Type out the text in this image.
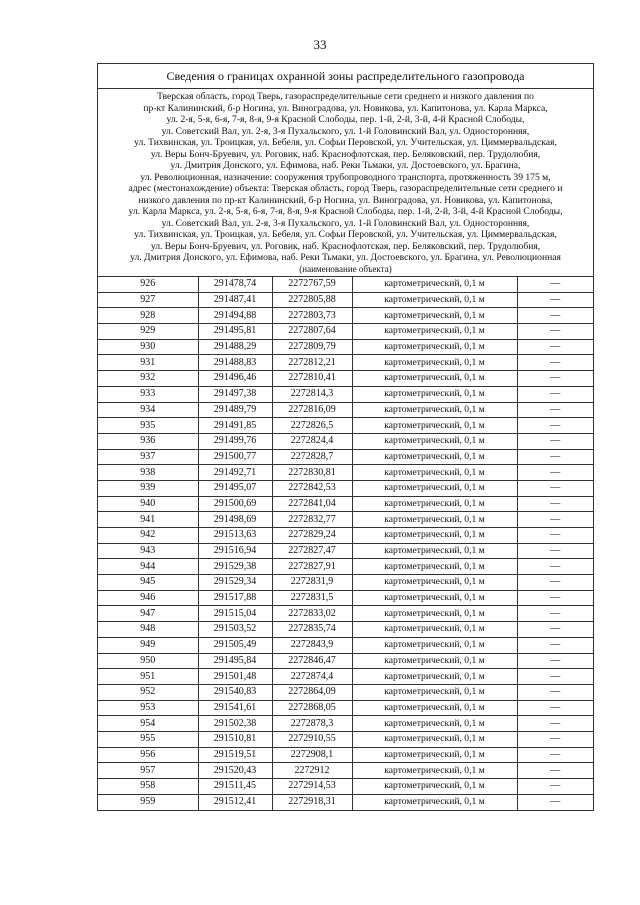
33
Сведения о границах охранной зоны распределительного газопровода
Тверская область, город Тверь, газораспределительные сети среднего и низкого давления по
пр-кт Калининский, б-р Ногина, ул. Виноградова, ул. Новикова, ул. Капитонова, ул. Карла Маркса,
ул. 2-я, 5-я, 6-я, 7-я, 8-я, 9-я Красной Слободы, пер. 1-й, 2-й, 3-й, 4-й Красной Слободы,
ул. Советский Вал, ул. 2-я, 3-я Пухальского, ул. 1-й Головинский Вал, ул. Односторонняя,
ул. Тихвинская, ул. Троицкая, ул. Бебеля, ул. Софьи Перовской, ул. Учительская, ул. Циммервальдская,
ул. Веры Бонч-Бруевич, ул. Роговик, наб. Краснофлотская, пер. Беляковский, пер. Трудолюбия,
ул. Дмитрия Донского, ул. Ефимова, наб. Реки Тьмаки, ул. Достоевского, ул. Брагина,
ул. Революционная, назначение: сооружения трубопроводного транспорта, протяженность 39 175 м,
адрес (местонахождение) объекта: Тверская область, город Тверь, газораспределительные сети среднего и
низкого давления по пр-кт Калининский, б-р Ногина, ул. Виноградова, ул. Новикова, ул. Капитонова,
ул. Карла Маркса, ул. 2-я, 5-я, 6-я, 7-я, 8-я, 9-я Красной Слободы, пер. 1-й, 2-й, 3-й, 4-й Красной Слободы,
ул. Советский Вал, ул. 2-я, 3-я Пухальского, ул. 1-й Головинский Вал, ул. Односторонняя,
ул. Тихвинская, ул. Троицкая, ул. Бебеля, ул. Софьи Перовской, ул. Учительская, ул. Циммервальдская,
ул. Веры Бонч-Бруевич, ул. Роговик, наб. Краснофлотская, пер. Беляковский, пер. Трудолюбия,
ул. Дмитрия Донского, ул. Ефимова, наб. Реки Тьмаки, ул. Достоевского, ул. Брагина, ул. Революционная
(наименование объекта)
926	291478,74	2272767,59	картометрический, 0,1 м	—
927	291487,41	2272805,88	картометрический, 0,1 м	—
928	291494,88	2272803,73	картометрический, 0,1 м	—
929	291495,81	2272807,64	картометрический, 0,1 м	—
930	291488,29	2272809,79	картометрический, 0,1 м	—
931	291488,83	2272812,21	картометрический, 0,1 м	—
932	291496,46	2272810,41	картометрический, 0,1 м	—
933	291497,38	2272814,3	картометрический, 0,1 м	—
934	291489,79	2272816,09	картометрический, 0,1 м	—
935	291491,85	2272826,5	картометрический, 0,1 м	—
936	291499,76	2272824,4	картометрический, 0,1 м	—
937	291500,77	2272828,7	картометрический, 0,1 м	—
938	291492,71	2272830,81	картометрический, 0,1 м	—
939	291495,07	2272842,53	картометрический, 0,1 м	—
940	291500,69	2272841,04	картометрический, 0,1 м	—
941	291498,69	2272832,77	картометрический, 0,1 м	—
942	291513,63	2272829,24	картометрический, 0,1 м	—
943	291516,94	2272827,47	картометрический, 0,1 м	—
944	291529,38	2272827,91	картометрический, 0,1 м	—
945	291529,34	2272831,9	картометрический, 0,1 м	—
946	291517,88	2272831,5	картометрический, 0,1 м	—
947	291515,04	2272833,02	картометрический, 0,1 м	—
948	291503,52	2272835,74	картометрический, 0,1 м	—
949	291505,49	2272843,9	картометрический, 0,1 м	—
950	291495,84	2272846,47	картометрический, 0,1 м	—
951	291501,48	2272874,4	картометрический, 0,1 м	—
952	291540,83	2272864,09	картометрический, 0,1 м	—
953	291541,61	2272868,05	картометрический, 0,1 м	—
954	291502,38	2272878,3	картометрический, 0,1 м	—
955	291510,81	2272910,55	картометрический, 0,1 м	—
956	291519,51	2272908,1	картометрический, 0,1 м	—
957	291520,43	2272912	картометрический, 0,1 м	—
958	291511,45	2272914,53	картометрический, 0,1 м	—
959	291512,41	2272918,31	картометрический, 0,1 м	—
